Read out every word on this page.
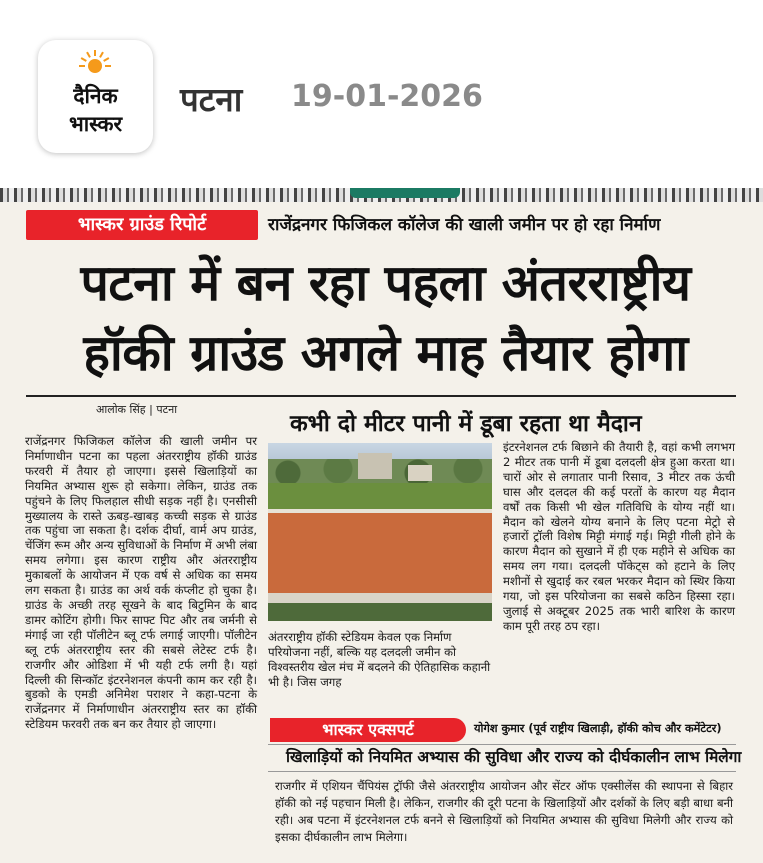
दैनिक
भास्कर
पटना 19-01-2026
भास्कर ग्राउंड रिपोर्ट	राजेंद्रनगर फिजिकल कॉलेज की खाली जमीन पर हो रहा निर्माण
पटना में बन रहा पहला अंतरराष्ट्रीय
हॉकी ग्राउंड अगले माह तैयार होगा
आलोक सिंह | पटना
कभी दो मीटर पानी में डूबा रहता था मैदान
राजेंद्रनगर फिजिकल कॉलेज की खाली जमीन पर निर्माणाधीन पटना का पहला अंतरराष्ट्रीय हॉकी ग्राउंड फरवरी में तैयार हो जाएगा। इससे खिलाड़ियों का नियमित अभ्यास शुरू हो सकेगा। लेकिन, ग्राउंड तक पहुंचने के लिए फिलहाल सीधी सड़क नहीं है। एनसीसी मुख्यालय के रास्ते ऊबड़-खाबड़ कच्ची सड़क से ग्राउंड तक पहुंचा जा सकता है। दर्शक दीर्घा, वार्म अप ग्राउंड, चेंजिंग रूम और अन्य सुविधाओं के निर्माण में अभी लंबा समय लगेगा। इस कारण राष्ट्रीय और अंतरराष्ट्रीय मुकाबलों के आयोजन में एक वर्ष से अधिक का समय लग सकता है। ग्राउंड का अर्थ वर्क कंप्लीट हो चुका है। ग्राउंड के अच्छी तरह सूखने के बाद बिटुमिन के बाद डामर कोटिंग होगी। फिर साफ्ट पिट और तब जर्मनी से मंगाई जा रही पॉलीटेन ब्लू टर्फ लगाई जाएगी। पॉलीटेन ब्लू टर्फ अंतरराष्ट्रीय स्तर की सबसे लेटेस्ट टर्फ है। राजगीर और ओडिशा में भी यही टर्फ लगी है। यहां दिल्ली की सिन्कॉट इंटरनेशनल कंपनी काम कर रही है। बुडको के एमडी अनिमेश पराशर ने कहा-पटना के राजेंद्रनगर में निर्माणाधीन अंतरराष्ट्रीय स्तर का हॉकी स्टेडियम फरवरी तक बन कर तैयार हो जाएगा।
अंतरराष्ट्रीय हॉकी स्टेडियम केवल एक निर्माण परियोजना नहीं, बल्कि यह दलदली जमीन को विश्वस्तरीय खेल मंच में बदलने की ऐतिहासिक कहानी भी है। जिस जगह
इंटरनेशनल टर्फ बिछाने की तैयारी है, वहां कभी लगभग 2 मीटर तक पानी में डूबा दलदली क्षेत्र हुआ करता था। चारों ओर से लगातार पानी रिसाव, 3 मीटर तक ऊंची घास और दलदल की कई परतों के कारण यह मैदान वर्षों तक किसी भी खेल गतिविधि के योग्य नहीं था। मैदान को खेलने योग्य बनाने के लिए पटना मेट्रो से हजारों ट्रॉली विशेष मिट्टी मंगाई गई। मिट्टी गीली होने के कारण मैदान को सुखाने में ही एक महीने से अधिक का समय लग गया। दलदली पॉकेट्स को हटाने के लिए मशीनों से खुदाई कर रबल भरकर मैदान को स्थिर किया गया, जो इस परियोजना का सबसे कठिन हिस्सा रहा। जुलाई से अक्टूबर 2025 तक भारी बारिश के कारण काम पूरी तरह ठप रहा।
भास्कर एक्सपर्ट	योगेश कुमार (पूर्व राष्ट्रीय खिलाड़ी, हॉकी कोच और कमेंटेटर)
खिलाड़ियों को नियमित अभ्यास की सुविधा और राज्य को दीर्घकालीन लाभ मिलेगा
राजगीर में एशियन चैंपियंस ट्रॉफी जैसे अंतरराष्ट्रीय आयोजन और सेंटर ऑफ एक्सीलेंस की स्थापना से बिहार हॉकी को नई पहचान मिली है। लेकिन, राजगीर की दूरी पटना के खिलाड़ियों और दर्शकों के लिए बड़ी बाधा बनी रही। अब पटना में इंटरनेशनल टर्फ बनने से खिलाड़ियों को नियमित अभ्यास की सुविधा मिलेगी और राज्य को इसका दीर्घकालीन लाभ मिलेगा।
